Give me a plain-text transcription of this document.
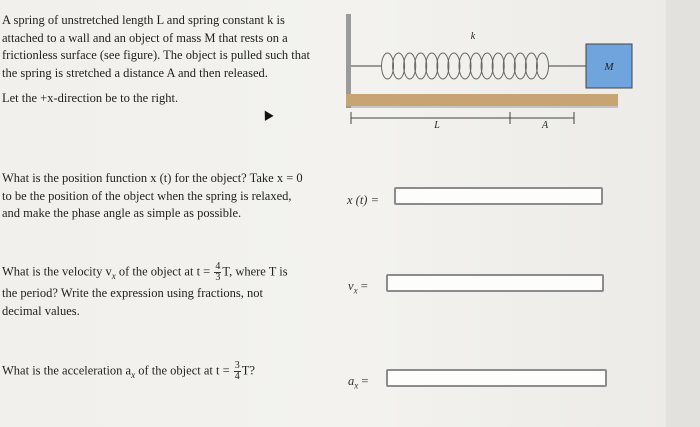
A spring of unstretched length L and spring constant k is

attached to a wall and an object of mass M that rests on a

frictionless surface (see figure). The object is pulled such that

the spring is stretched a distance A and then released.

Let the +x-direction be to the right.

M
k
L	A
What is the position function x (t) for the object? Take x = 0
to be the position of the object when the spring is relaxed,
and make the phase angle as simple as possible.
x (t) =
What is the velocity $v_x$ of the object at $t = \frac{4}{3} T$, where T is
the period? Write the expression using fractions, not
decimal values.
$v_x$ =
What is the acceleration $a_x$ of the object at $t = \frac{3}{4} T$?
$a_x$ =
